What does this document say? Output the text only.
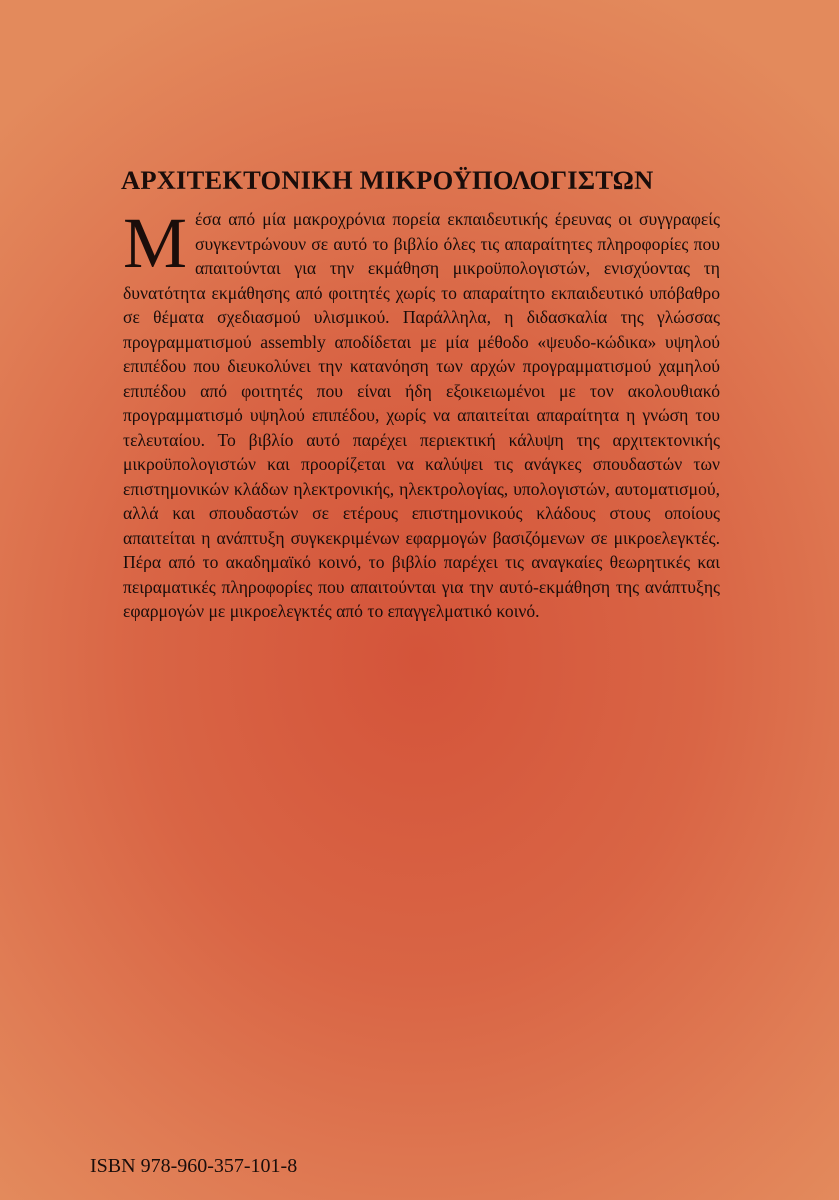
ΑΡΧΙΤΕΚΤΟΝΙΚΗ ΜΙΚΡΟΫΠΟΛΟΓΙΣΤΩΝ

Μέσα από μία μακροχρόνια πορεία εκπαιδευτικής έρευνας οι συγγραφείς συγκεντρώνουν σε αυτό το βιβλίο όλες τις απαραίτητες πληροφορίες που απαιτούνται για την εκμάθηση μικροϋπολογιστών, ενισχύοντας τη δυνατότητα εκμάθησης από φοιτητές χωρίς το απαραίτητο εκπαιδευτικό υπόβαθρο σε θέματα σχεδιασμού υλισμικού. Παράλληλα, η διδασκαλία της γλώσσας προγραμματισμού assembly αποδίδεται με μία μέθοδο «ψευδο-κώδικα» υψηλού επιπέδου που διευκολύνει την κατανόηση των αρχών προγραμματισμού χαμηλού επιπέδου από φοιτητές που είναι ήδη εξοικειωμένοι με τον ακολουθιακό προγραμματισμό υψηλού επιπέδου, χωρίς να απαιτείται απαραίτητα η γνώση του τελευταίου. Το βιβλίο αυτό παρέχει περιεκτική κάλυψη της αρχιτεκτονικής μικροϋπολογιστών και προορίζεται να καλύψει τις ανάγκες σπουδαστών των επιστημονικών κλάδων ηλεκτρονικής, ηλεκτρολογίας, υπολογιστών, αυτοματισμού, αλλά και σπουδαστών σε ετέρους επιστημονικούς κλάδους στους οποίους απαιτείται η ανάπτυξη συγκεκριμένων εφαρμογών βασιζόμενων σε μικροελεγκτές. Πέρα από το ακαδημαϊκό κοινό, το βιβλίο παρέχει τις αναγκαίες θεωρητικές και πειραματικές πληροφορίες που απαιτούνται για την αυτό-εκμάθηση της ανάπτυξης εφαρμογών με μικροελεγκτές από το επαγγελματικό κοινό.

ISBN 978-960-357-101-8
